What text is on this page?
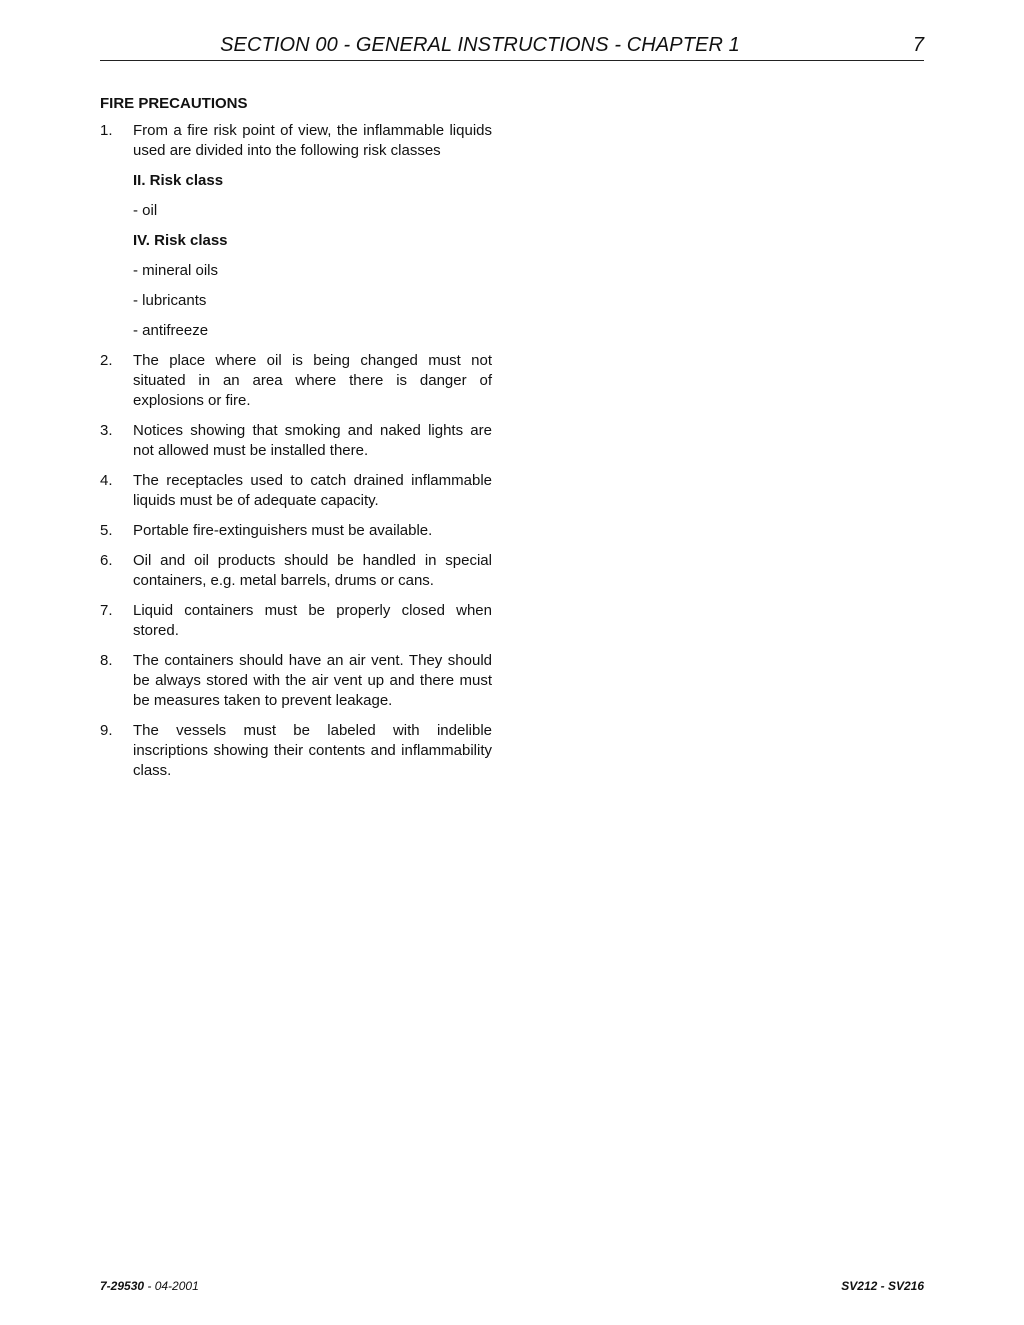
SECTION 00 - GENERAL INSTRUCTIONS - CHAPTER 1	7
FIRE PRECAUTIONS
1. From a fire risk point of view, the inflammable liquids used are divided into the following risk classes
II. Risk class
- oil
IV. Risk class
- mineral oils
- lubricants
- antifreeze
2. The place where oil is being changed must not situated in an area where there is danger of explosions or fire.
3. Notices showing that smoking and naked lights are not allowed must be installed there.
4. The receptacles used to catch drained inflammable liquids must be of adequate capacity.
5. Portable fire-extinguishers must be available.
6. Oil and oil products should be handled in special containers, e.g. metal barrels, drums or cans.
7. Liquid containers must be properly closed when stored.
8. The containers should have an air vent. They should be always stored with the air vent up and there must be measures taken to prevent leakage.
9. The vessels must be labeled with indelible inscriptions showing their contents and inflammability class.
7-29530 - 04-2001	SV212 - SV216
